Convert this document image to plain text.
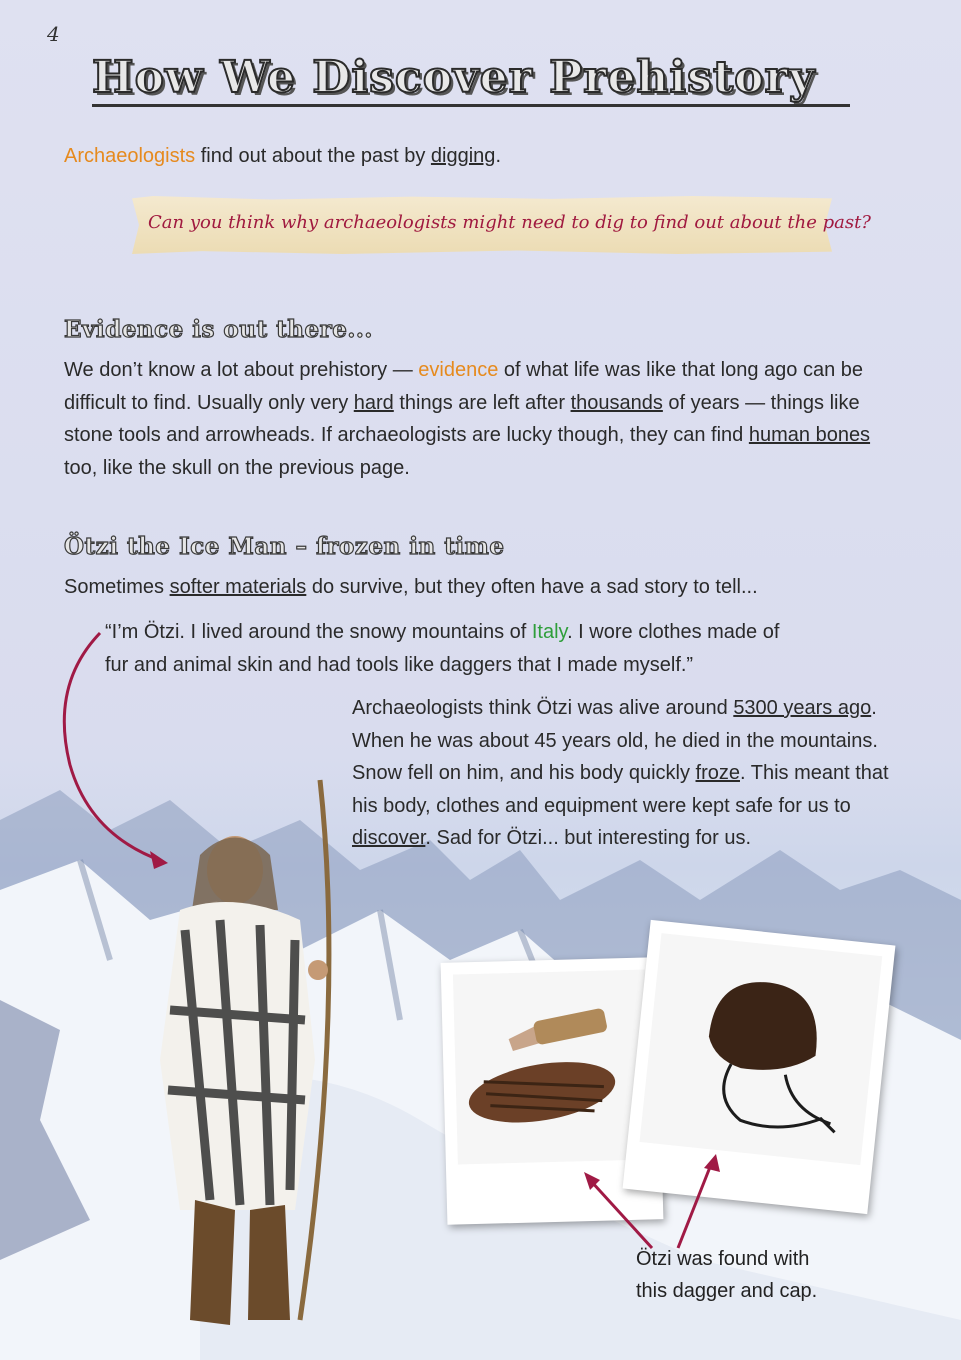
4
How We Discover Prehistory
Archaeologists find out about the past by digging.
Can you think why archaeologists might need to dig to find out about the past?
Evidence is out there...
We don’t know a lot about prehistory — evidence of what life was like that long ago can be difficult to find. Usually only very hard things are left after thousands of years — things like stone tools and arrowheads. If archaeologists are lucky though, they can find human bones too, like the skull on the previous page.
Ötzi the Ice Man – frozen in time
Sometimes softer materials do survive, but they often have a sad story to tell...
“I’m Ötzi. I lived around the snowy mountains of Italy. I wore clothes made of fur and animal skin and had tools like daggers that I made myself.”
Archaeologists think Ötzi was alive around 5300 years ago. When he was about 45 years old, he died in the mountains. Snow fell on him, and his body quickly froze. This meant that his body, clothes and equipment were kept safe for us to discover. Sad for Ötzi... but interesting for us.
Ötzi was found with this dagger and cap.
